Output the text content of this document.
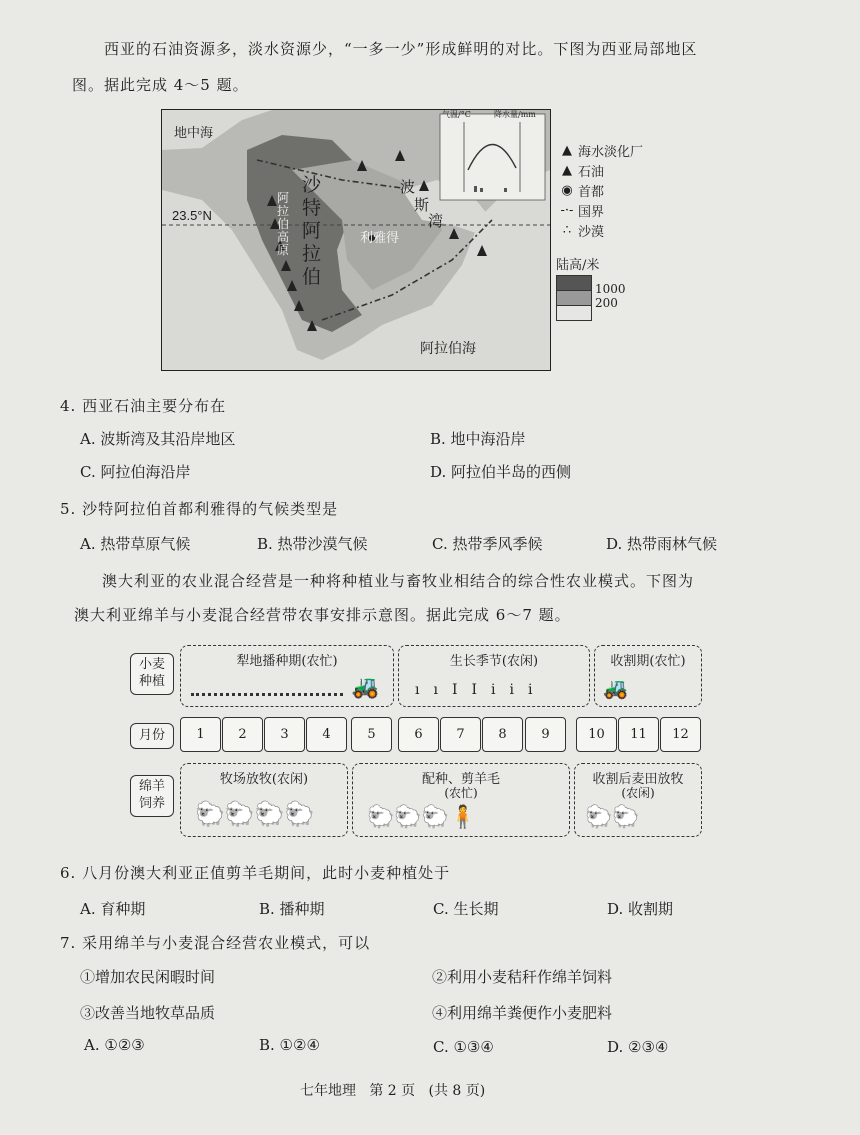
西亚的石油资源多，淡水资源少，“一多一少”形成鲜明的对比。下图为西亚局部地区
图。据此完成 4～5 题。
地中海
23.5°N
阿拉伯高原
沙特阿拉伯
利雅得
波
斯
湾
阿拉伯海
气温/°C	降水量/mm
▲ 海水淡化厂
▲ 石油
◉ 首都
-·- 国界
∴ 沙漠
陆高/米
1000
200
4. 西亚石油主要分布在
A. 波斯湾及其沿岸地区	B. 地中海沿岸
C. 阿拉伯海沿岸	D. 阿拉伯半岛的西侧
5. 沙特阿拉伯首都利雅得的气候类型是
A. 热带草原气候	B. 热带沙漠气候	C. 热带季风季候	D. 热带雨林气候
澳大利亚的农业混合经营是一种将种植业与畜牧业相结合的综合性农业模式。下图为
澳大利亚绵羊与小麦混合经营带农事安排示意图。据此完成 6～7 题。
小麦种植
月份
绵羊饲养
犁地播种期(农忙)
🚜
生长季节(农闲)
ııIIiii
收割期(农忙)
🚜
1	2	3	4	5	6	7	8	9	10	11	12
牧场放牧(农闲)
🐑🐑🐑🐑
配种、剪羊毛
(农忙)
🐑🐑🐑🧍
收割后麦田放牧
(农闲)
🐑🐑
6. 八月份澳大利亚正值剪羊毛期间，此时小麦种植处于
A. 育种期	B. 播种期	C. 生长期	D. 收割期
7. 采用绵羊与小麦混合经营农业模式，可以
①增加农民闲暇时间	②利用小麦秸秆作绵羊饲料
③改善当地牧草品质	④利用绵羊粪便作小麦肥料
A. ①②③	B. ①②④	C. ①③④	D. ②③④
七年地理   第 2 页   (共 8 页)
